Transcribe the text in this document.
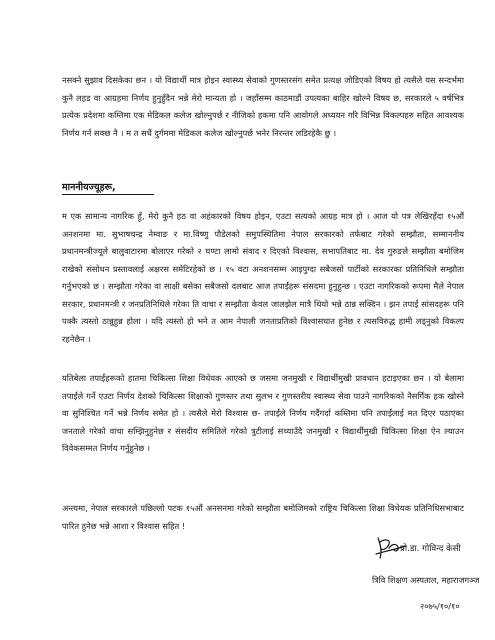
नसक्ने सुझाव दिसकेका छन । यो विद्यार्थी मात्र होइन स्वास्थ्य सेवाको गुणस्तरसंग समेत प्रत्यक्ष जोडिएको विषय हो त्यसैले यस सन्दर्भमा कुनै लहड वा आग्रहमा निर्णय हुनुहुँदैन भन्ने मेरो मान्यता हो । जहाँसम्म काठमाडौं उपत्यका बाहिर खोल्ने विषय छ, सरकारले ५ वर्षभित्र प्रत्येक प्रदेशमा कम्तिमा एक मेडिकल कलेज खोल्नुपर्छ र नीजिको हकमा पनि आयोगले अध्ययन गरि विभिन्न विकल्पहरु सहित आवश्यक निर्णय गर्न सक्छ नै । म त सधैं दुर्गममा मेडिकल कलेज खोल्नुपर्छ भनेर निरन्तर लडिरहेकै छु ।
माननीयज्यूहरू,
म एक सामान्य नागरिक हुँ, मेरो कुनै हठ वा अहंकारको विषय होइन, एउटा सत्यको आग्रह मात्र हो । आज यो पत्र लेखिरहँदा १५औं अनशनमा मा. सुभाषचन्द्र नेम्वाङ र मा.विष्णु पौडेलको समुपस्थितिमा नेपाल सरकारको तर्फबाट गरेको सम्झौता, सम्माननीय प्रधानमन्त्रीज्यूले बालुवाटारमा बोलाएर गरेको २ घण्टा लामो संवाद र दिएको विश्वास, सभापतिबाट मा. देव गुरुङले सम्झौता बमोजिम राखेको संसोधन प्रस्तावलाई अक्षरस समेटिरहेको छ । १५ वटा अनशनसम्म आइपुग्दा सबैजसो पार्टीको सरकारका प्रतिनिधिले सम्झौता गर्नुभएको छ । सम्झौता गरेका वा साक्षी बसेका सबैजसो दलबाट आज तपाईंहरू संसदमा हुनुहुन्छ । एउटा नागरिकको रूपमा मैले नेपाल सरकार, प्रधानमन्त्री र जनप्रतिनिधिले गरेका ति वाचा र सम्झौता केवल जालझेल मात्रै थियो भन्ने ठान्न सक्दिन । झन तपाईं सांसदहरू पनि पक्कै त्यस्तो ठान्नुहुन्न होला । यदि त्यस्तो हो भने त आम नेपाली जनताप्रतिको विश्वासघात हुनेछ र त्यसविरुद्ध हामी लड्नुको विकल्प रहनेछैन ।
यतिबेला तपाईंहरूको हातमा चिकित्सा शिक्षा विधेयक आएको छ जसमा जनमुखी र विद्यार्थीमुखी प्रावधान हटाइएका छन । यो बेलामा तपाईंले गर्ने एउटा निर्णय देशको चिकित्सा शिक्षाको गुणस्तर तथा सुलभ र गुणस्तरीय स्वास्थ्य सेवा पाउने नागरिकको नैसर्गिक हक खोस्ने वा सुनिश्चित गर्ने भन्ने निर्णय समेत हो । त्यसैले मेरो विश्वास छ- तपाईंले निर्णय गर्दैगर्दा कम्तिमा पनि तपाईंलाई मत दिएर पठाएका जनताले गरेको वाचा सम्झिनुहुनेछ र संसदीय समितिले गरेको त्रुटीलाई सच्याउँदै जनमुखी र विद्यार्थीमुखी चिकित्सा शिक्षा ऐन ल्याउन विवेकसम्मत निर्णय गर्नुहुनेछ ।
अन्त्यमा, नेपाल सरकारले पछिल्लो पटक १५औं अनसनमा गरेको सम्झौता बमोजिमको राष्ट्रिय चिकित्सा शिक्षा विधेयक प्रतिनिधिसभाबाट पारित हुनेछ भन्ने आशा र विश्वास सहित !
प्रो.डा. गोविन्द केसी
त्रिवि शिक्षण अस्पताल, महाराजगञ्ज
२०७५/१०/१०
